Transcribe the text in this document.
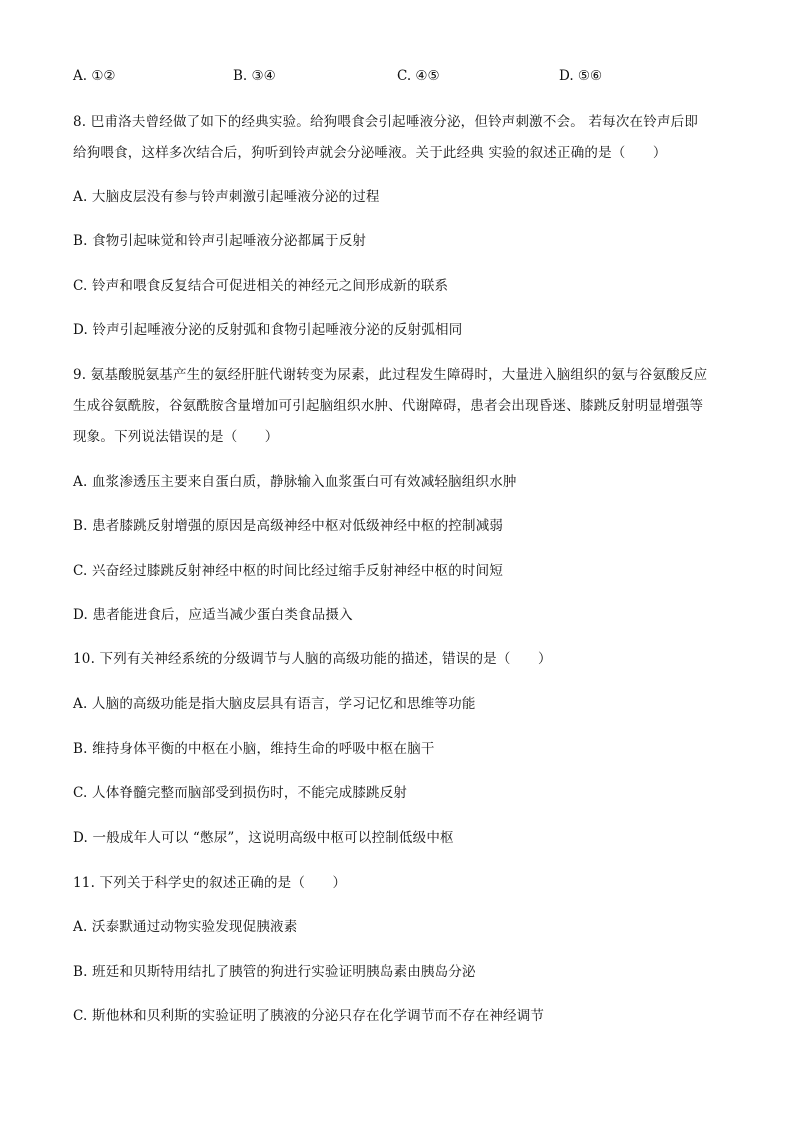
A. ①②	B. ③④	C. ④⑤	D. ⑤⑥
8. 巴甫洛夫曾经做了如下的经典实验。给狗喂食会引起唾液分泌，但铃声刺激不会。 若每次在铃声后即
给狗喂食，这样多次结合后，狗听到铃声就会分泌唾液。关于此经典 实验的叙述正确的是（　　）
A. 大脑皮层没有参与铃声刺激引起唾液分泌的过程
B. 食物引起味觉和铃声引起唾液分泌都属于反射
C. 铃声和喂食反复结合可促进相关的神经元之间形成新的联系
D. 铃声引起唾液分泌的反射弧和食物引起唾液分泌的反射弧相同
9. 氨基酸脱氨基产生的氨经肝脏代谢转变为尿素，此过程发生障碍时，大量进入脑组织的氨与谷氨酸反应
生成谷氨酰胺，谷氨酰胺含量增加可引起脑组织水肿、代谢障碍，患者会出现昏迷、膝跳反射明显增强等
现象。下列说法错误的是（　　）
A. 血浆渗透压主要来自蛋白质，静脉输入血浆蛋白可有效减轻脑组织水肿
B. 患者膝跳反射增强的原因是高级神经中枢对低级神经中枢的控制减弱
C. 兴奋经过膝跳反射神经中枢的时间比经过缩手反射神经中枢的时间短
D. 患者能进食后，应适当减少蛋白类食品摄入
10. 下列有关神经系统的分级调节与人脑的高级功能的描述，错误的是（　　）
A. 人脑的高级功能是指大脑皮层具有语言，学习记忆和思维等功能
B. 维持身体平衡的中枢在小脑，维持生命的呼吸中枢在脑干
C. 人体脊髓完整而脑部受到损伤时，不能完成膝跳反射
D. 一般成年人可以 “憋尿”，这说明高级中枢可以控制低级中枢
11. 下列关于科学史的叙述正确的是（　　）
A. 沃泰默通过动物实验发现促胰液素
B. 班廷和贝斯特用结扎了胰管的狗进行实验证明胰岛素由胰岛分泌
C. 斯他林和贝利斯的实验证明了胰液的分泌只存在化学调节而不存在神经调节
